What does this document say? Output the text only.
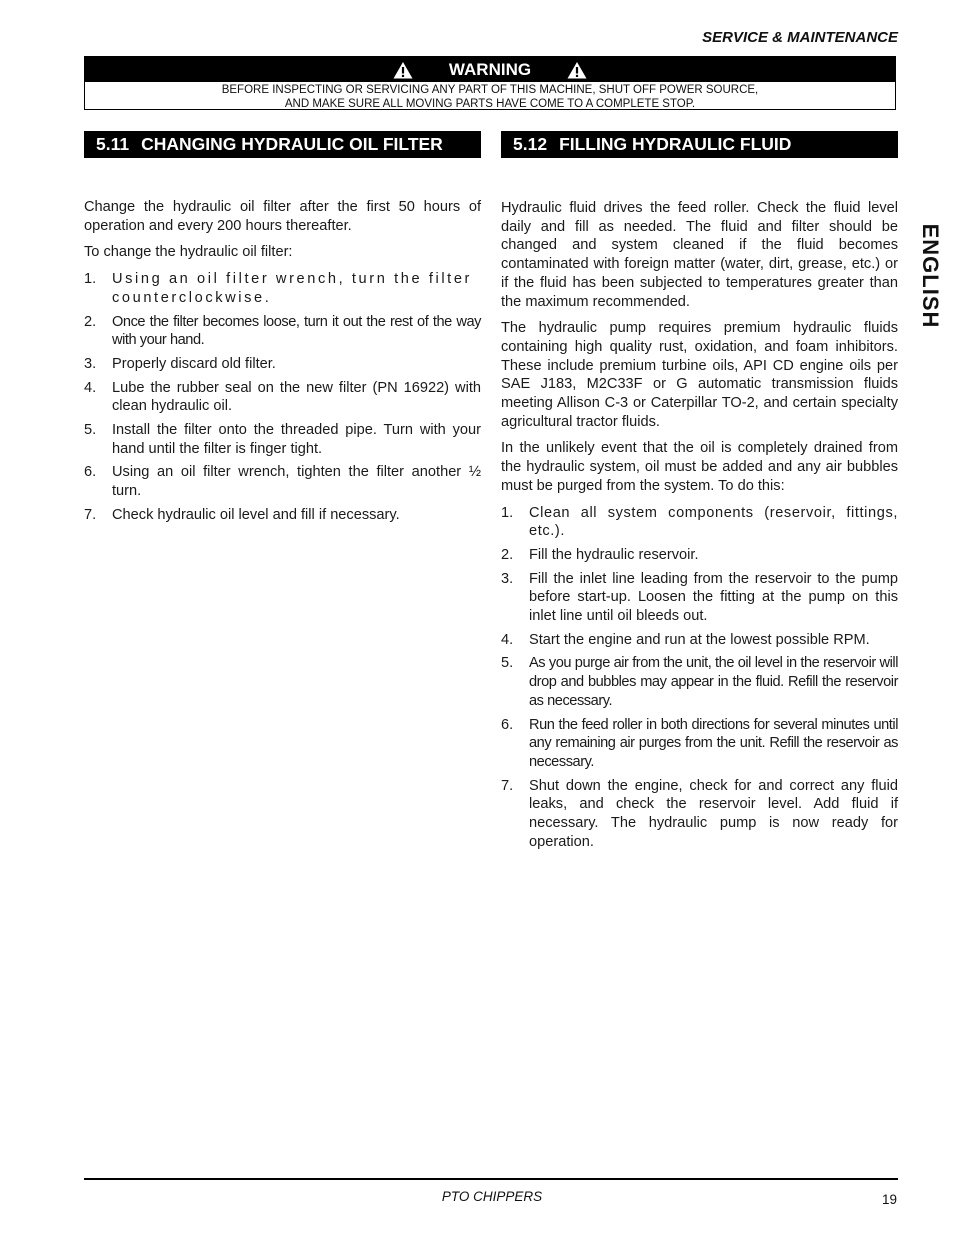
SERVICE & MAINTENANCE
WARNING
BEFORE INSPECTING OR SERVICING ANY PART OF THIS MACHINE, SHUT OFF POWER SOURCE,
AND MAKE SURE ALL MOVING PARTS HAVE COME TO A COMPLETE STOP.
5.11 CHANGING HYDRAULIC OIL FILTER

Change the hydraulic oil filter after the first 50 hours of operation and every 200 hours thereafter.

To change the hydraulic oil filter:

1.	Using an oil filter wrench, turn the filter counterclockwise.
2.	Once the filter becomes loose, turn it out the rest of the way with your hand.
3.	Properly discard old filter.
4.	Lube the rubber seal on the new filter (PN 16922) with clean hydraulic oil.
5.	Install the filter onto the threaded pipe. Turn with your hand until the filter is finger tight.
6.	Using an oil filter wrench, tighten the filter another ½ turn.
7.	Check hydraulic oil level and fill if necessary.
5.12 FILLING HYDRAULIC FLUID

Hydraulic fluid drives the feed roller. Check the fluid level daily and fill as needed. The fluid and filter should be changed and system cleaned if the fluid becomes contaminated with foreign matter (water, dirt, grease, etc.) or if the fluid has been subjected to temperatures greater than the maximum recommended.

The hydraulic pump requires premium hydraulic fluids containing high quality rust, oxidation, and foam inhibitors. These include premium turbine oils, API CD engine oils per SAE J183, M2C33F or G automatic transmission fluids meeting Allison C-3 or Caterpillar TO-2, and certain specialty agricultural tractor fluids.

In the unlikely event that the oil is completely drained from the hydraulic system, oil must be added and any air bubbles must be purged from the system. To do this:

1.	Clean all system components (reservoir, fittings, etc.).
2.	Fill the hydraulic reservoir.
3.	Fill the inlet line leading from the reservoir to the pump before start-up. Loosen the fitting at the pump on this inlet line until oil bleeds out.
4.	Start the engine and run at the lowest possible RPM.
5.	As you purge air from the unit, the oil level in the reservoir will drop and bubbles may appear in the fluid. Refill the reservoir as necessary.
6.	Run the feed roller in both directions for several minutes until any remaining air purges from the unit. Refill the reservoir as necessary.
7.	Shut down the engine, check for and correct any fluid leaks, and check the reservoir level. Add fluid if necessary. The hydraulic pump is now ready for operation.
ENGLISH
PTO CHIPPERS	19
